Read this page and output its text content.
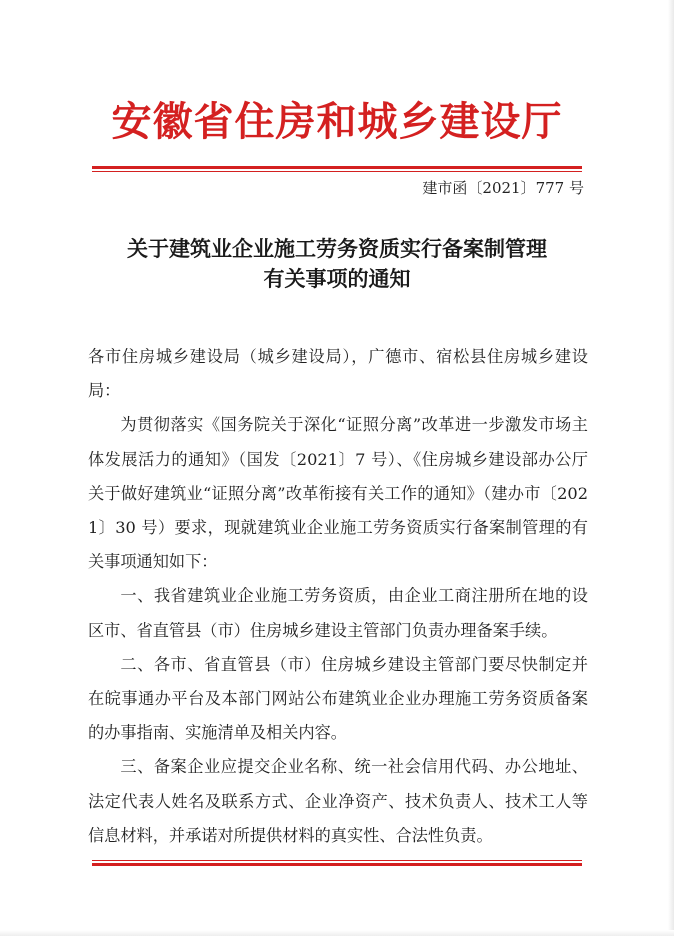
安徽省住房和城乡建设厅
建市函〔2021〕777 号
关于建筑业企业施工劳务资质实行备案制管理
有关事项的通知

各市住房城乡建设局（城乡建设局），广德市、宿松县住房城乡建设局：

为贯彻落实《国务院关于深化“证照分离”改革进一步激发市场主体发展活力的通知》（国发〔2021〕7 号）、《住房城乡建设部办公厅关于做好建筑业“证照分离”改革衔接有关工作的通知》（建办市〔2021〕30 号）要求，现就建筑业企业施工劳务资质实行备案制管理的有关事项通知如下：

一、我省建筑业企业施工劳务资质，由企业工商注册所在地的设区市、省直管县（市）住房城乡建设主管部门负责办理备案手续。

二、各市、省直管县（市）住房城乡建设主管部门要尽快制定并在皖事通办平台及本部门网站公布建筑业企业办理施工劳务资质备案的办事指南、实施清单及相关内容。

三、备案企业应提交企业名称、统一社会信用代码、办公地址、法定代表人姓名及联系方式、企业净资产、技术负责人、技术工人等信息材料，并承诺对所提供材料的真实性、合法性负责。
